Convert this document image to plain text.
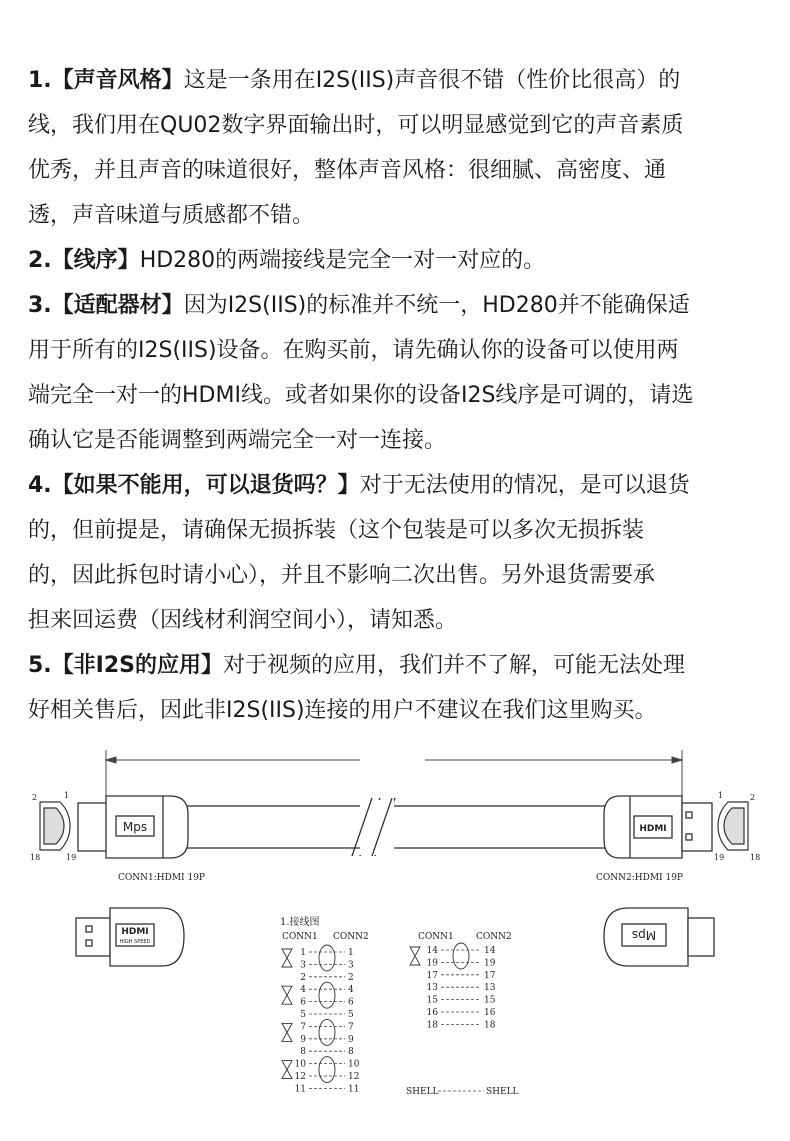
1.【声音风格】这是一条用在I2S(IIS)声音很不错（性价比很高）的
线，我们用在QU02数字界面输出时，可以明显感觉到它的声音素质
优秀，并且声音的味道很好，整体声音风格：很细腻、高密度、通
透，声音味道与质感都不错。

2.【线序】HD280的两端接线是完全一对一对应的。

3.【适配器材】因为I2S(IIS)的标准并不统一，HD280并不能确保适
用于所有的I2S(IIS)设备。在购买前，请先确认你的设备可以使用两
端完全一对一的HDMI线。或者如果你的设备I2S线序是可调的，请选
确认它是否能调整到两端完全一对一连接。

4.【如果不能用，可以退货吗？】对于无法使用的情况，是可以退货
的，但前提是，请确保无损拆装（这个包装是可以多次无损拆装
的，因此拆包时请小心），并且不影响二次出售。另外退货需要承
担来回运费（因线材利润空间小），请知悉。

5.【非I2S的应用】对于视频的应用，我们并不了解，可能无法处理
好相关售后，因此非I2S(IIS)连接的用户不建议在我们这里购买。

Mps	HDMI
2	1
18	19
1	2
19	18
CONN1:HDMI 19P	CONN2:HDMI 19P
HDMI
HIGH SPEED	Mps
1.接线图
CONN1 CONN2	CONN1 CONN2
1	1
3	3
2	2
4	4
6	6
5	5
7	7
9	9
8	8
10	10
12	12
11	11
14	14
19	19
17	17
13	13
15	15
16	16
18	18
SHELL	SHELL
